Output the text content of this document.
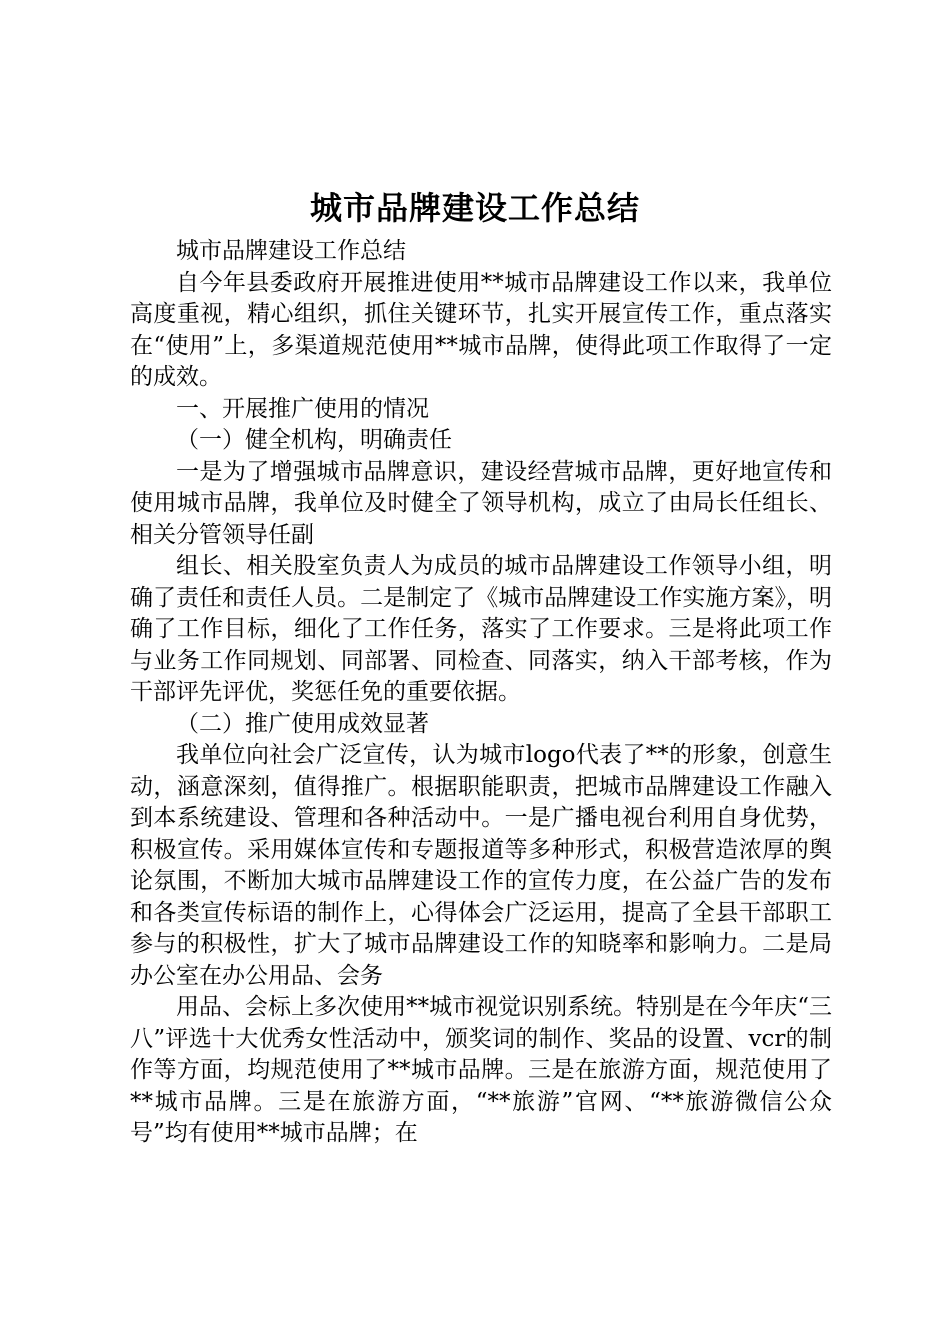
城市品牌建设工作总结

城市品牌建设工作总结

自今年县委政府开展推进使用**城市品牌建设工作以来，我单位高度重视，精心组织，抓住关键环节，扎实开展宣传工作，重点落实在“使用”上，多渠道规范使用**城市品牌，使得此项工作取得了一定的成效。

一、开展推广使用的情况

（一）健全机构，明确责任

一是为了增强城市品牌意识，建设经营城市品牌，更好地宣传和使用城市品牌，我单位及时健全了领导机构，成立了由局长任组长、相关分管领导任副

组长、相关股室负责人为成员的城市品牌建设工作领导小组，明确了责任和责任人员。二是制定了《城市品牌建设工作实施方案》，明确了工作目标，细化了工作任务，落实了工作要求。三是将此项工作与业务工作同规划、同部署、同检查、同落实，纳入干部考核，作为干部评先评优，奖惩任免的重要依据。

（二）推广使用成效显著

我单位向社会广泛宣传，认为城市logo代表了**的形象，创意生动，涵意深刻，值得推广。根据职能职责，把城市品牌建设工作融入到本系统建设、管理和各种活动中。一是广播电视台利用自身优势，积极宣传。采用媒体宣传和专题报道等多种形式，积极营造浓厚的舆论氛围，不断加大城市品牌建设工作的宣传力度，在公益广告的发布和各类宣传标语的制作上，心得体会广泛运用，提高了全县干部职工参与的积极性，扩大了城市品牌建设工作的知晓率和影响力。二是局办公室在办公用品、会务

用品、会标上多次使用**城市视觉识别系统。特别是在今年庆“三八”评选十大优秀女性活动中，颁奖词的制作、奖品的设置、vcr的制作等方面，均规范使用了**城市品牌。三是在旅游方面，规范使用了**城市品牌。三是在旅游方面，“**旅游”官网、“**旅游微信公众号”均有使用**城市品牌；在
